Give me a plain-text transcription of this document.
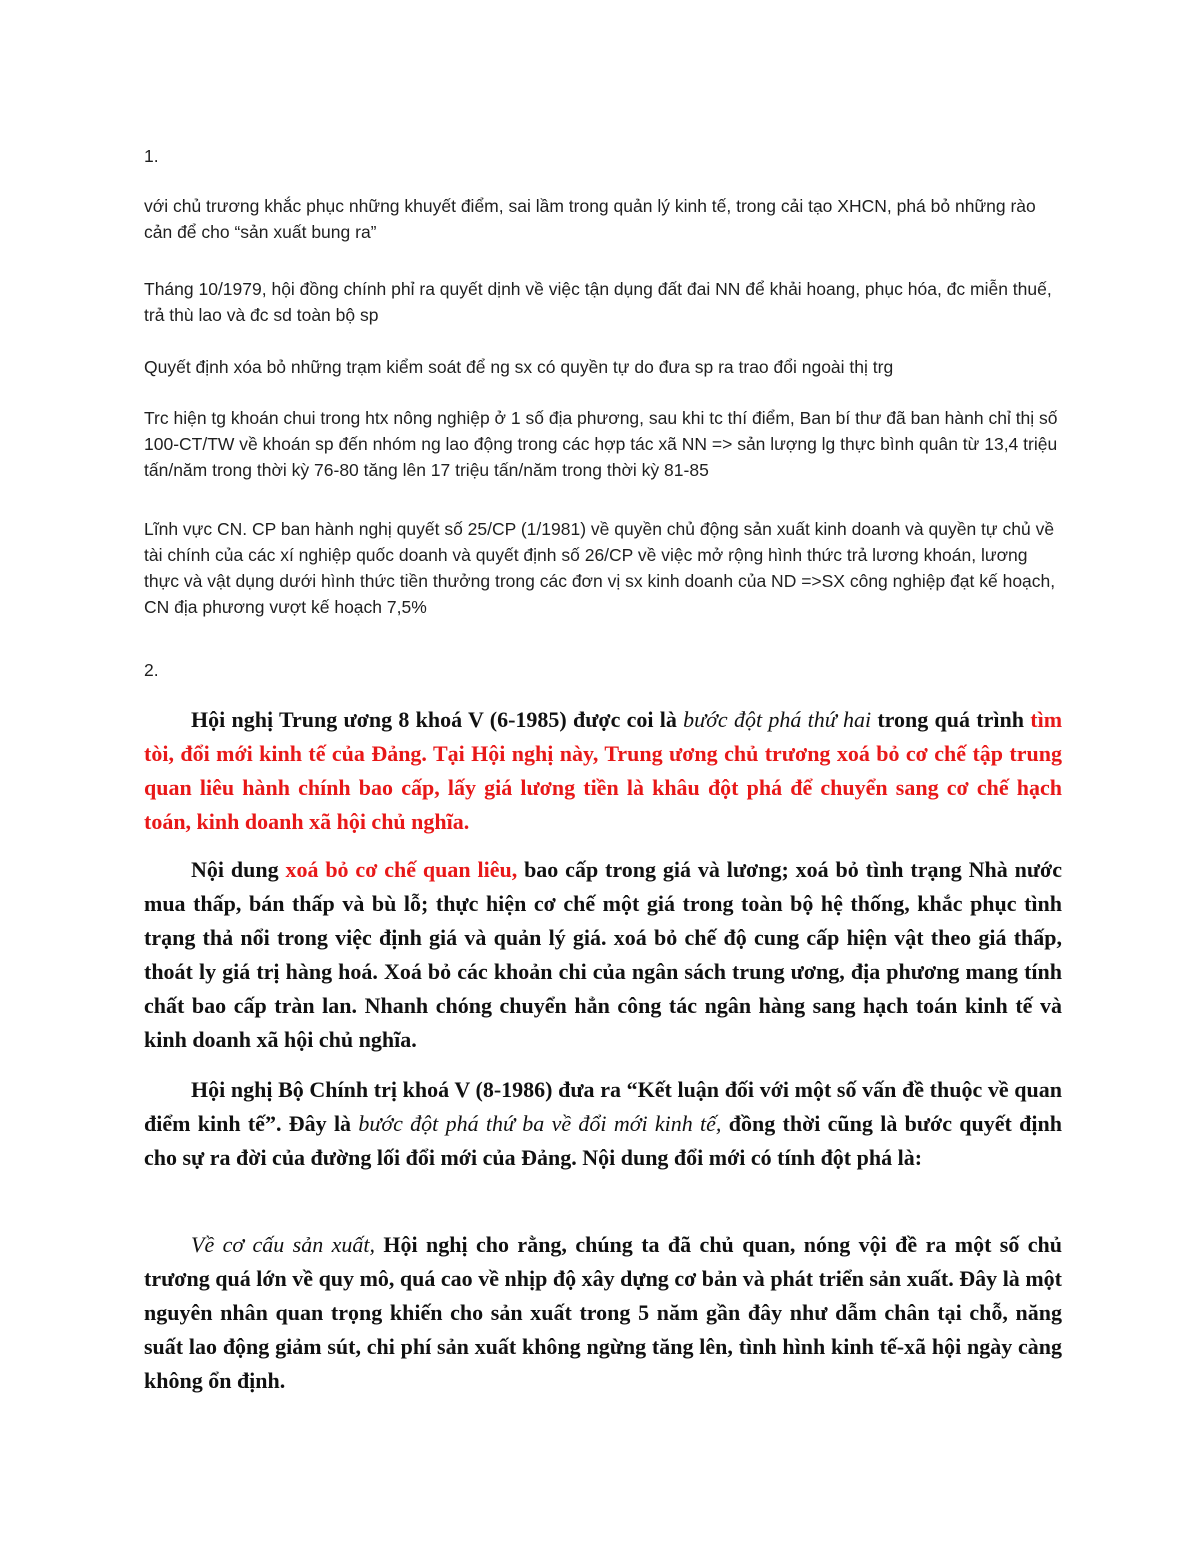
1.

với chủ trương khắc phục những khuyết điểm, sai lầm trong quản lý kinh tế, trong cải tạo XHCN, phá bỏ những rào cản để cho “sản xuất bung ra”

Tháng 10/1979, hội đồng chính phỉ ra quyết dịnh về việc tận dụng đất đai NN để khải hoang, phục hóa, đc miễn thuế, trả thù lao và đc sd toàn bộ sp

Quyết định xóa bỏ những trạm kiểm soát để ng sx có quyền tự do đưa sp ra trao đổi ngoài thị trg

Trc hiện tg khoán chui trong htx nông nghiệp ở 1 số địa phương, sau khi tc thí điểm, Ban bí thư đã ban hành chỉ thị số 100-CT/TW về khoán sp đến nhóm ng lao động trong các hợp tác xã NN => sản lượng lg thực bình quân từ 13,4 triệu tấn/năm trong thời kỳ 76-80 tăng lên 17 triệu tấn/năm trong thời kỳ 81-85

Lĩnh vực CN. CP ban hành nghị quyết số 25/CP (1/1981) về quyền chủ động sản xuất kinh doanh và quyền tự chủ về tài chính của các xí nghiệp quốc doanh và quyết định số 26/CP về việc mở rộng hình thức trả lương khoán, lương thực và vật dụng dưới hình thức tiền thưởng trong các đơn vị sx kinh doanh của ND =>SX công nghiệp đạt kế hoạch, CN địa phương vượt kế hoạch 7,5%

2.

Hội nghị Trung ương 8 khoá V (6-1985) được coi là bước đột phá thứ hai trong quá trình tìm tòi, đổi mới kinh tế của Đảng. Tại Hội nghị này, Trung ương chủ trương xoá bỏ cơ chế tập trung quan liêu hành chính bao cấp, lấy giá lương tiền là khâu đột phá để chuyển sang cơ chế hạch toán, kinh doanh xã hội chủ nghĩa.

Nội dung xoá bỏ cơ chế quan liêu, bao cấp trong giá và lương; xoá bỏ tình trạng Nhà nước mua thấp, bán thấp và bù lỗ; thực hiện cơ chế một giá trong toàn bộ hệ thống, khắc phục tình trạng thả nổi trong việc định giá và quản lý giá. xoá bỏ chế độ cung cấp hiện vật theo giá thấp, thoát ly giá trị hàng hoá. Xoá bỏ các khoản chi của ngân sách trung ương, địa phương mang tính chất bao cấp tràn lan. Nhanh chóng chuyển hẳn công tác ngân hàng sang hạch toán kinh tế và kinh doanh xã hội chủ nghĩa.

Hội nghị Bộ Chính trị khoá V (8-1986) đưa ra “Kết luận đối với một số vấn đề thuộc về quan điểm kinh tế”. Đây là bước đột phá thứ ba về đổi mới kinh tế, đồng thời cũng là bước quyết định cho sự ra đời của đường lối đổi mới của Đảng. Nội dung đổi mới có tính đột phá là:

Về cơ cấu sản xuất, Hội nghị cho rằng, chúng ta đã chủ quan, nóng vội đề ra một số chủ trương quá lớn về quy mô, quá cao về nhịp độ xây dựng cơ bản và phát triển sản xuất. Đây là một nguyên nhân quan trọng khiến cho sản xuất trong 5 năm gần đây như dẫm chân tại chỗ, năng suất lao động giảm sút, chi phí sản xuất không ngừng tăng lên, tình hình kinh tế-xã hội ngày càng không ổn định.
